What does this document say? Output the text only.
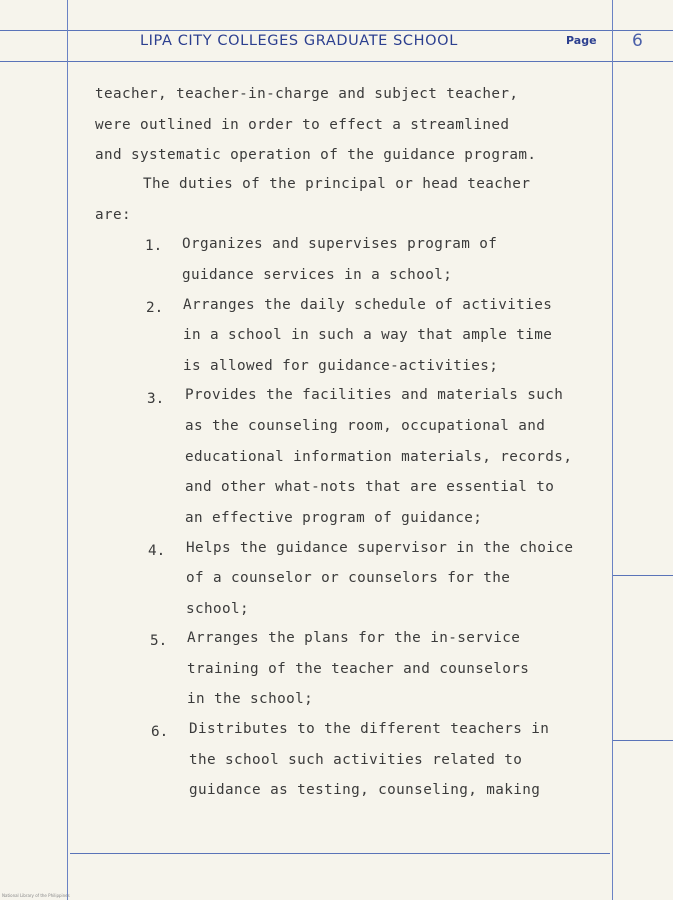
LIPA CITY COLLEGES GRADUATE SCHOOL	Page 6
teacher, teacher-in-charge and subject teacher,
were outlined in order to effect a streamlined
and systematic operation of the guidance program.
The duties of the principal or head teacher
are:
1. Organizes and supervises program of
guidance services in a school;
2. Arranges the daily schedule of activities
in a school in such a way that ample time
is allowed for guidance-activities;
3. Provides the facilities and materials such
as the counseling room, occupational and
educational information materials, records,
and other what-nots that are essential to
an effective program of guidance;
4. Helps the guidance supervisor in the choice
of a counselor or counselors for the
school;
5. Arranges the plans for the in-service
training of the teacher and counselors
in the school;
6. Distributes to the different teachers in
the school such activities related to
guidance as testing, counseling, making
National Library of the Philippines
